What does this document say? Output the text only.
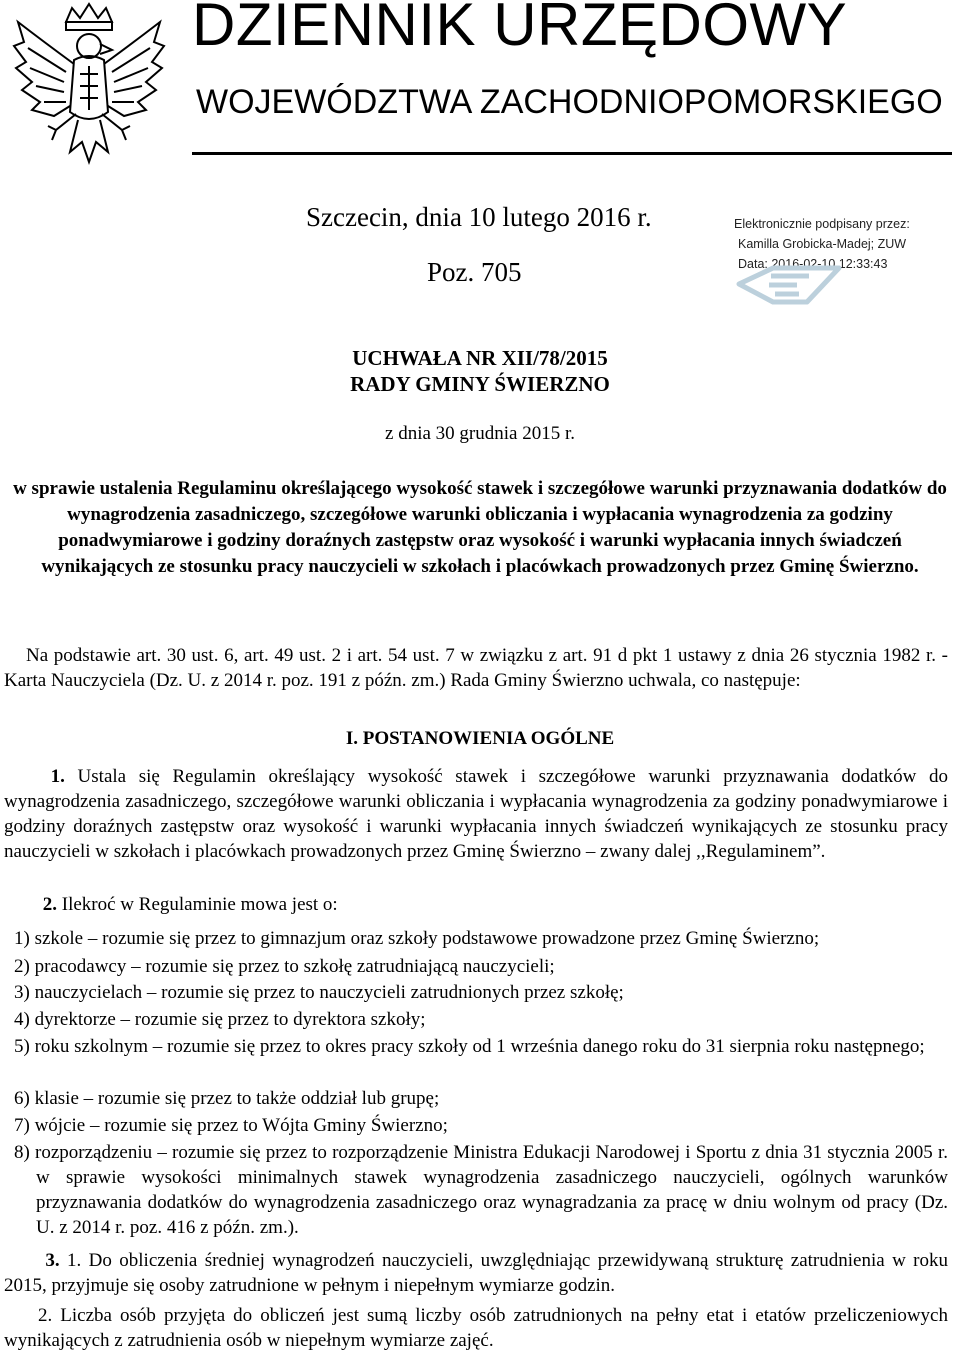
DZIENNIK URZĘDOWY
WOJEWÓDZTWA ZACHODNIOPOMORSKIEGO
Szczecin, dnia 10 lutego 2016 r.
Poz. 705
Elektronicznie podpisany przez:
Kamilla Grobicka-Madej; ZUW
Data: 2016-02-10 12:33:43
UCHWAŁA NR XII/78/2015
RADY GMINY ŚWIERZNO
z dnia 30 grudnia 2015 r.
w sprawie ustalenia Regulaminu określającego wysokość stawek i szczegółowe warunki przyznawania dodatków do wynagrodzenia zasadniczego, szczegółowe warunki obliczania i wypłacania wynagrodzenia za godziny ponadwymiarowe i godziny doraźnych zastępstw oraz wysokość i warunki wypłacania innych świadczeń wynikających ze stosunku pracy nauczycieli w szkołach i placówkach prowadzonych przez Gminę Świerzno.
Na podstawie art. 30 ust. 6, art. 49 ust. 2 i art. 54 ust. 7 w związku z art. 91 d pkt 1 ustawy z dnia 26 stycznia 1982 r. - Karta Nauczyciela (Dz. U. z 2014 r. poz. 191 z późn. zm.) Rada Gminy Świerzno uchwala, co następuje:
I. POSTANOWIENIA OGÓLNE
1. Ustala się Regulamin określający wysokość stawek i szczegółowe warunki przyznawania dodatków do wynagrodzenia zasadniczego, szczegółowe warunki obliczania i wypłacania wynagrodzenia za godziny ponadwymiarowe i godziny doraźnych zastępstw oraz wysokość i warunki wypłacania innych świadczeń wynikających ze stosunku pracy nauczycieli w szkołach i placówkach prowadzonych przez Gminę Świerzno – zwany dalej ,,Regulaminem”.
2. Ilekroć w Regulaminie mowa jest o:
1) szkole – rozumie się przez to gimnazjum oraz szkoły podstawowe prowadzone przez Gminę Świerzno;
2) pracodawcy – rozumie się przez to szkołę zatrudniającą nauczycieli;
3) nauczycielach – rozumie się przez to nauczycieli zatrudnionych przez szkołę;
4) dyrektorze – rozumie się przez to dyrektora szkoły;
5) roku szkolnym – rozumie się przez to okres pracy szkoły od 1 września danego roku do 31 sierpnia roku następnego;
6) klasie – rozumie się przez to także oddział lub grupę;
7) wójcie – rozumie się przez to Wójta Gminy Świerzno;
8) rozporządzeniu – rozumie się przez to rozporządzenie Ministra Edukacji Narodowej i Sportu z dnia 31 stycznia 2005 r. w sprawie wysokości minimalnych stawek wynagrodzenia zasadniczego nauczycieli, ogólnych warunków przyznawania dodatków do wynagrodzenia zasadniczego oraz wynagradzania za pracę w dniu wolnym od pracy (Dz. U. z 2014 r. poz. 416 z późn. zm.).
3. 1. Do obliczenia średniej wynagrodzeń nauczycieli, uwzględniając przewidywaną strukturę zatrudnienia w roku 2015, przyjmuje się osoby zatrudnione w pełnym i niepełnym wymiarze godzin.
2. Liczba osób przyjęta do obliczeń jest sumą liczby osób zatrudnionych na pełny etat i etatów przeliczeniowych wynikających z zatrudnienia osób w niepełnym wymiarze zajęć.
